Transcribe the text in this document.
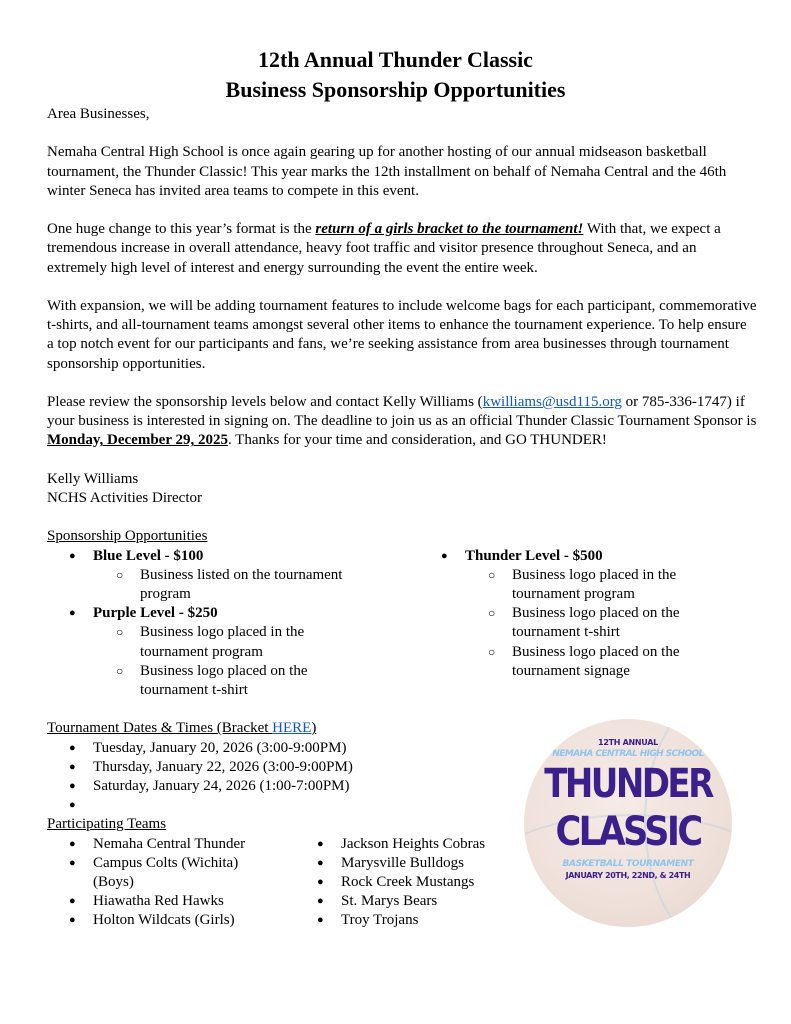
12th Annual Thunder Classic
Business Sponsorship Opportunities

Area Businesses,

Nemaha Central High School is once again gearing up for another hosting of our annual midseason basketball tournament, the Thunder Classic! This year marks the 12th installment on behalf of Nemaha Central and the 46th winter Seneca has invited area teams to compete in this event.

One huge change to this year’s format is the return of a girls bracket to the tournament! With that, we expect a tremendous increase in overall attendance, heavy foot traffic and visitor presence throughout Seneca, and an extremely high level of interest and energy surrounding the event the entire week.

With expansion, we will be adding tournament features to include welcome bags for each participant, commemorative t-shirts, and all-tournament teams amongst several other items to enhance the tournament experience. To help ensure a top notch event for our participants and fans, we’re seeking assistance from area businesses through tournament sponsorship opportunities.

Please review the sponsorship levels below and contact Kelly Williams (kwilliams@usd115.org or 785-336-1747) if your business is interested in signing on. The deadline to join us as an official Thunder Classic Tournament Sponsor is Monday, December 29, 2025. Thanks for your time and consideration, and GO THUNDER!

Kelly Williams

NCHS Activities Director

Sponsorship Opportunities

● Blue Level - $100
○ Business listed on the tournament program
● Purple Level - $250
○ Business logo placed in the tournament program
○ Business logo placed on the tournament t-shirt
● Thunder Level - $500
○ Business logo placed in the tournament program
○ Business logo placed on the tournament t-shirt
○ Business logo placed on the tournament signage

Tournament Dates & Times (Bracket HERE)

● Tuesday, January 20, 2026 (3:00-9:00PM)
● Thursday, January 22, 2026 (3:00-9:00PM)
● Saturday, January 24, 2026 (1:00-7:00PM)
●

Participating Teams

● Nemaha Central Thunder
● Campus Colts (Wichita) (Boys)
● Hiawatha Red Hawks
● Holton Wildcats (Girls)
● Jackson Heights Cobras
● Marysville Bulldogs
● Rock Creek Mustangs
● St. Marys Bears
● Troy Trojans
12TH ANNUAL
NEMAHA CENTRAL HIGH SCHOOL
THUNDER
CLASSIC
BASKETBALL TOURNAMENT
JANUARY 20TH, 22ND, & 24TH
